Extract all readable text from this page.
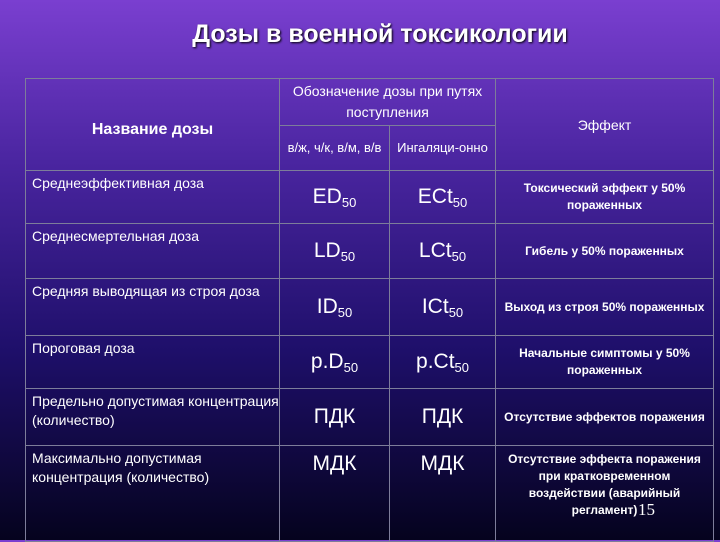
Дозы в военной токсикологии
Название дозы	Обозначение дозы при путях поступления		Эффект
	в/ж, ч/к, в/м, в/в	Ингаляци-онно	
Среднеэффективная доза	$ED_{50}$	ECt$_{50}$	Токсический эффект у 50% пораженных
Среднесмертельная доза	$LD_{50}$	LCt$_{50}$	Гибель у 50% пораженных
Средняя выводящая из строя доза	$ID_{50}$	ICt$_{50}$	Выход из строя 50% пораженных
Пороговая доза	$p.D_{50}$	$p.Ct_{50}$	Начальные симптомы у 50% пораженных
Предельно допустимая концентрация (количество)	ПДК	ПДК	Отсутствие эффектов поражения
Максимально допустимая концентрация (количество)	МДК	МДК	Отсутствие эффекта поражения при кратковременном воздействии (аварийный регламент) 15
